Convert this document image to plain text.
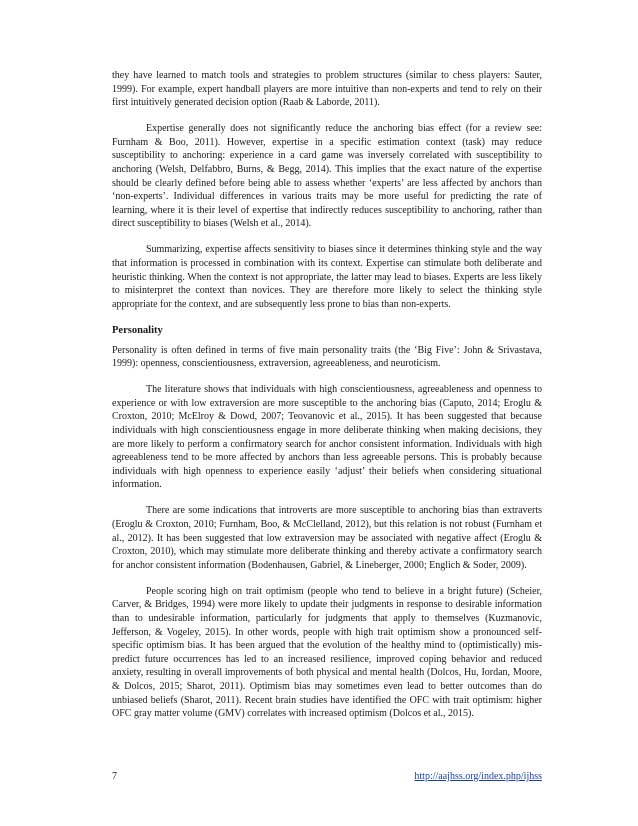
they have learned to match tools and strategies to problem structures (similar to chess players: Sauter, 1999). For example, expert handball players are more intuitive than non-experts and tend to rely on their first intuitively generated decision option (Raab & Laborde, 2011).

Expertise generally does not significantly reduce the anchoring bias effect (for a review see: Furnham & Boo, 2011). However, expertise in a specific estimation context (task) may reduce susceptibility to anchoring: experience in a card game was inversely correlated with susceptibility to anchoring (Welsh, Delfabbro, Burns, & Begg, 2014). This implies that the exact nature of the expertise should be clearly defined before being able to assess whether ‘experts’ are less affected by anchors than ‘non-experts’. Individual differences in various traits may be more useful for predicting the rate of learning, where it is their level of expertise that indirectly reduces susceptibility to anchoring, rather than direct susceptibility to biases (Welsh et al., 2014).

Summarizing, expertise affects sensitivity to biases since it determines thinking style and the way that information is processed in combination with its context. Expertise can stimulate both deliberate and heuristic thinking. When the context is not appropriate, the latter may lead to biases. Experts are less likely to misinterpret the context than novices. They are therefore more likely to select the thinking style appropriate for the context, and are subsequently less prone to bias than non-experts.

Personality

Personality is often defined in terms of five main personality traits (the ‘Big Five’: John & Srivastava, 1999): openness, conscientiousness, extraversion, agreeableness, and neuroticism.

The literature shows that individuals with high conscientiousness, agreeableness and openness to experience or with low extraversion are more susceptible to the anchoring bias (Caputo, 2014; Eroglu & Croxton, 2010; McElroy & Dowd, 2007; Teovanovic et al., 2015). It has been suggested that because individuals with high conscientiousness engage in more deliberate thinking when making decisions, they are more likely to perform a confirmatory search for anchor consistent information. Individuals with high agreeableness tend to be more affected by anchors than less agreeable persons. This is probably because individuals with high openness to experience easily ‘adjust’ their beliefs when considering situational information.

There are some indications that introverts are more susceptible to anchoring bias than extraverts (Eroglu & Croxton, 2010; Furnham, Boo, & McClelland, 2012), but this relation is not robust (Furnham et al., 2012). It has been suggested that low extraversion may be associated with negative affect (Eroglu & Croxton, 2010), which may stimulate more deliberate thinking and thereby activate a confirmatory search for anchor consistent information (Bodenhausen, Gabriel, & Lineberger, 2000; Englich & Soder, 2009).

People scoring high on trait optimism (people who tend to believe in a bright future) (Scheier, Carver, & Bridges, 1994) were more likely to update their judgments in response to desirable information than to undesirable information, particularly for judgments that apply to themselves (Kuzmanovic, Jefferson, & Vogeley, 2015). In other words, people with high trait optimism show a pronounced self-specific optimism bias. It has been argued that the evolution of the healthy mind to (optimistically) mis-predict future occurrences has led to an increased resilience, improved coping behavior and reduced anxiety, resulting in overall improvements of both physical and mental health (Dolcos, Hu, Iordan, Moore, & Dolcos, 2015; Sharot, 2011). Optimism bias may sometimes even lead to better outcomes than do unbiased beliefs (Sharot, 2011). Recent brain studies have identified the OFC with trait optimism: higher OFC gray matter volume (GMV) correlates with increased optimism (Dolcos et al., 2015).

7	http://aajhss.org/index.php/ijhss
